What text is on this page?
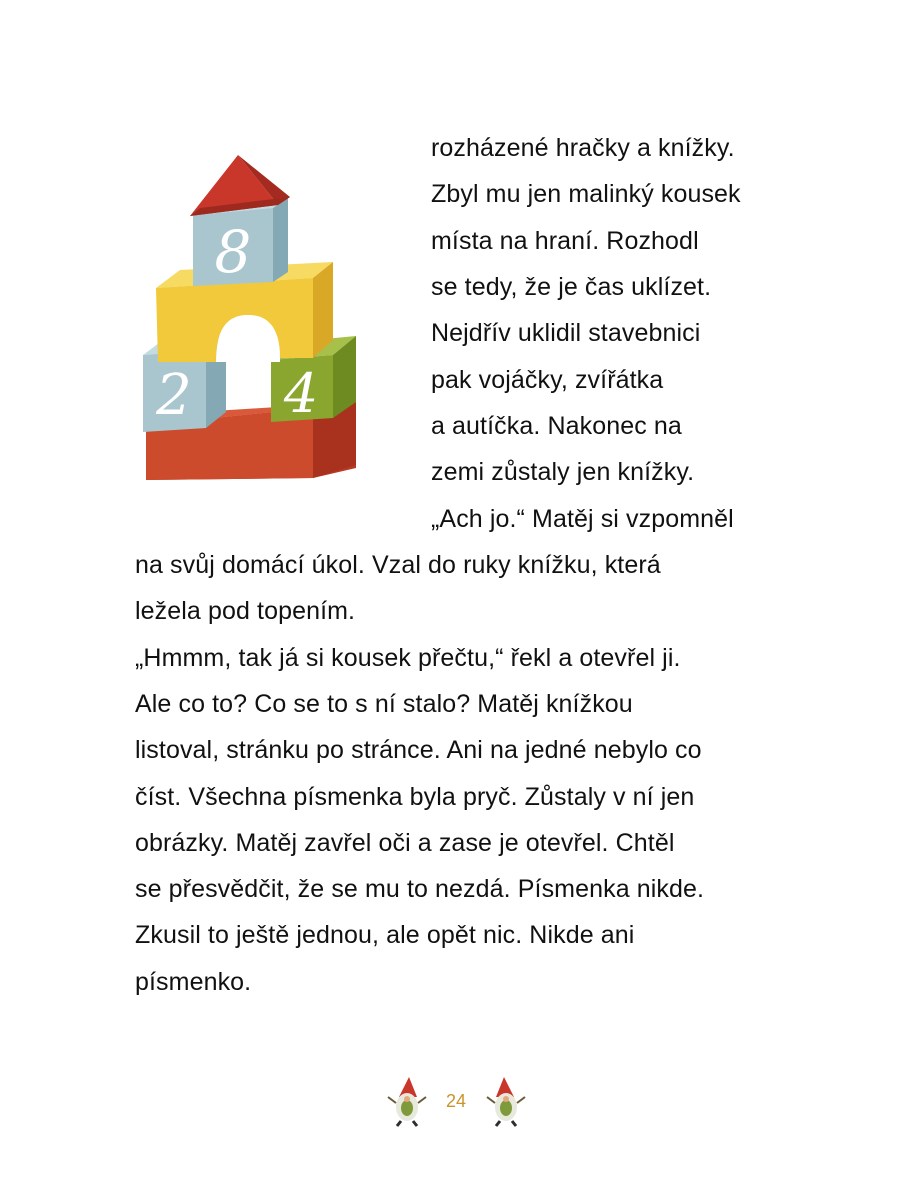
2 4
8
rozházené hračky a knížky.
Zbyl mu jen malinký kousek
místa na hraní. Rozhodl
se tedy, že je čas uklízet.
Nejdřív uklidil stavebnici
pak vojáčky, zvířátka
a autíčka. Nakonec na
zemi zůstaly jen knížky.
„Ach jo.“ Matěj si vzpomněl
na svůj domácí úkol. Vzal do ruky knížku, která
ležela pod topením.
„Hmmm, tak já si kousek přečtu,“ řekl a otevřel ji.
Ale co to? Co se to s ní stalo? Matěj knížkou
listoval, stránku po stránce. Ani na jedné nebylo co
číst. Všechna písmenka byla pryč. Zůstaly v ní jen
obrázky. Matěj zavřel oči a zase je otevřel. Chtěl
se přesvědčit, že se mu to nezdá. Písmenka nikde.
Zkusil to ještě jednou, ale opět nic. Nikde ani
písmenko.
24
